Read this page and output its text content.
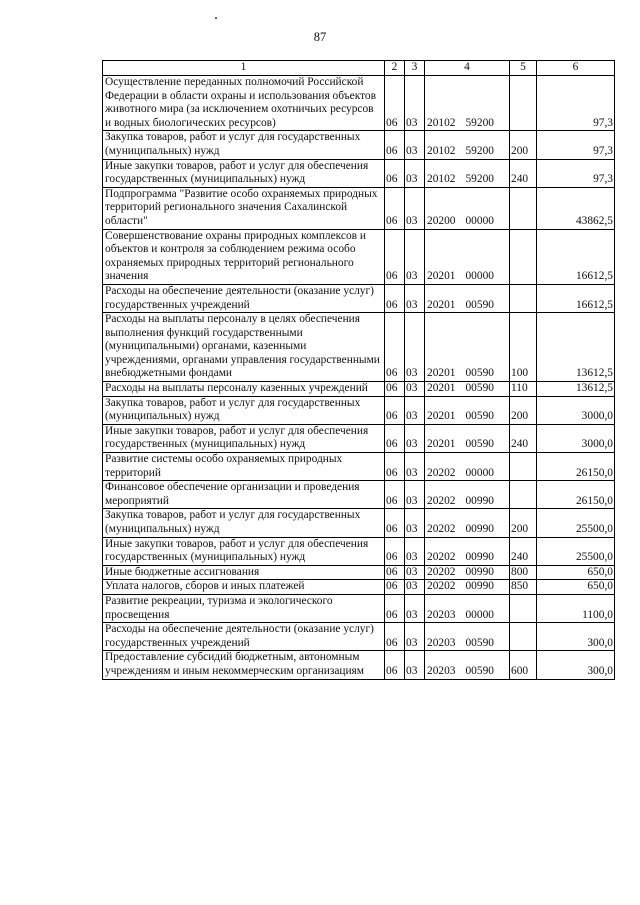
87
1	2	3	4	5	6
Осуществление переданных полномочий Российской Федерации в области охраны и использования объектов животного мира (за исключением охотничьих ресурсов и водных биологических ресурсов)	06	03	20102 59200		97,3
Закупка товаров, работ и услуг для государственных (муниципальных) нужд	06	03	20102 59200	200	97,3
Иные закупки товаров, работ и услуг для обеспечения государственных (муниципальных) нужд	06	03	20102 59200	240	97,3
Подпрограмма "Развитие особо охраняемых природных территорий регионального значения Сахалинской области"	06	03	20200 00000		43862,5
Совершенствование охраны природных комплексов и объектов и контроля за соблюдением режима особо охраняемых природных территорий регионального значения	06	03	20201 00000		16612,5
Расходы на обеспечение деятельности (оказание услуг) государственных учреждений	06	03	20201 00590		16612,5
Расходы на выплаты персоналу в целях обеспечения выполнения функций государственными (муниципальными) органами, казенными учреждениями, органами управления государственными внебюджетными фондами	06	03	20201 00590	100	13612,5
Расходы на выплаты персоналу казенных учреждений	06	03	20201 00590	110	13612,5
Закупка товаров, работ и услуг для государственных (муниципальных) нужд	06	03	20201 00590	200	3000,0
Иные закупки товаров, работ и услуг для обеспечения государственных (муниципальных) нужд	06	03	20201 00590	240	3000,0
Развитие системы особо охраняемых природных территорий	06	03	20202 00000		26150,0
Финансовое обеспечение организации и проведения мероприятий	06	03	20202 00990		26150,0
Закупка товаров, работ и услуг для государственных (муниципальных) нужд	06	03	20202 00990	200	25500,0
Иные закупки товаров, работ и услуг для обеспечения государственных (муниципальных) нужд	06	03	20202 00990	240	25500,0
Иные бюджетные ассигнования	06	03	20202 00990	800	650,0
Уплата налогов, сборов и иных платежей	06	03	20202 00990	850	650,0
Развитие рекреации, туризма и экологического просвещения	06	03	20203 00000		1100,0
Расходы на обеспечение деятельности (оказание услуг) государственных учреждений	06	03	20203 00590		300,0
Предоставление субсидий бюджетным, автономным учреждениям и иным некоммерческим организациям	06	03	20203 00590	600	300,0
